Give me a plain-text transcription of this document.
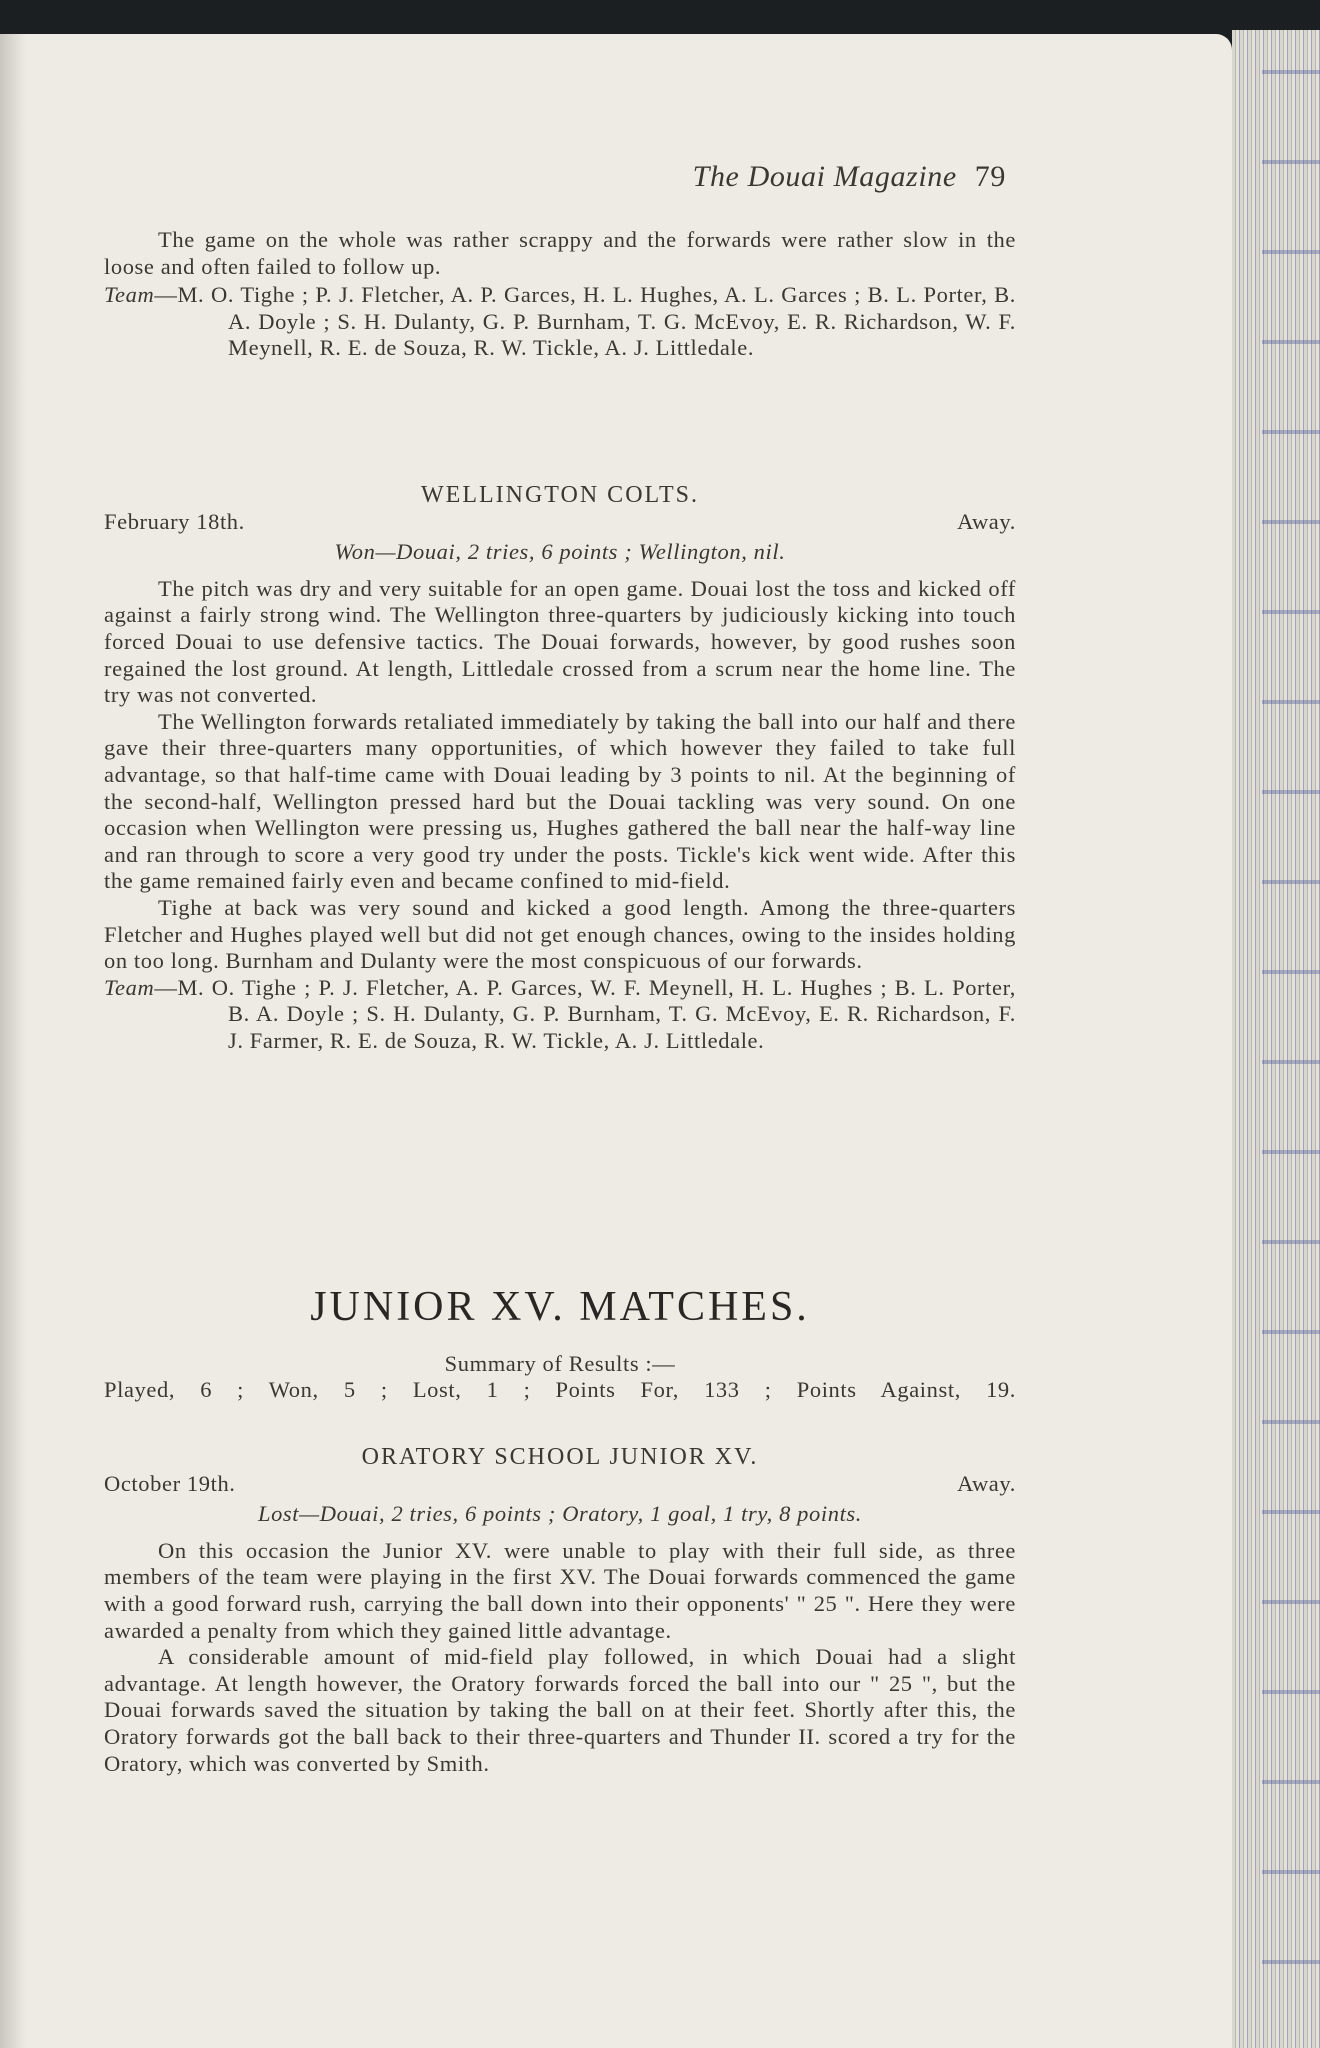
The Douai Magazine 79

The game on the whole was rather scrappy and the forwards were rather slow in the loose and often failed to follow up.

Team—M. O. Tighe ; P. J. Fletcher, A. P. Garces, H. L. Hughes, A. L. Garces ; B. L. Porter, B. A. Doyle ; S. H. Dulanty, G. P. Burnham, T. G. McEvoy, E. R. Richardson, W. F. Meynell, R. E. de Souza, R. W. Tickle, A. J. Littledale.

WELLINGTON COLTS.
February 18th.	Away.
Won—Douai, 2 tries, 6 points ; Wellington, nil.

The pitch was dry and very suitable for an open game. Douai lost the toss and kicked off against a fairly strong wind. The Wellington three-quarters by judiciously kicking into touch forced Douai to use defensive tactics. The Douai forwards, however, by good rushes soon regained the lost ground. At length, Littledale crossed from a scrum near the home line. The try was not converted.

The Wellington forwards retaliated immediately by taking the ball into our half and there gave their three-quarters many opportunities, of which however they failed to take full advantage, so that half-time came with Douai leading by 3 points to nil. At the beginning of the second-half, Wellington pressed hard but the Douai tackling was very sound. On one occasion when Wellington were pressing us, Hughes gathered the ball near the half-way line and ran through to score a very good try under the posts. Tickle's kick went wide. After this the game remained fairly even and became confined to mid-field.

Tighe at back was very sound and kicked a good length. Among the three-quarters Fletcher and Hughes played well but did not get enough chances, owing to the insides holding on too long. Burnham and Dulanty were the most conspicuous of our forwards.

Team—M. O. Tighe ; P. J. Fletcher, A. P. Garces, W. F. Meynell, H. L. Hughes ; B. L. Porter, B. A. Doyle ; S. H. Dulanty, G. P. Burnham, T. G. McEvoy, E. R. Richardson, F. J. Farmer, R. E. de Souza, R. W. Tickle, A. J. Littledale.

JUNIOR XV. MATCHES.
Summary of Results :—
Played, 6 ; Won, 5 ; Lost, 1 ; Points For, 133 ; Points Against, 19.
ORATORY SCHOOL JUNIOR XV.
October 19th.	Away.
Lost—Douai, 2 tries, 6 points ; Oratory, 1 goal, 1 try, 8 points.

On this occasion the Junior XV. were unable to play with their full side, as three members of the team were playing in the first XV. The Douai forwards commenced the game with a good forward rush, carrying the ball down into their opponents' " 25 ". Here they were awarded a penalty from which they gained little advantage.

A considerable amount of mid-field play followed, in which Douai had a slight advantage. At length however, the Oratory forwards forced the ball into our " 25 ", but the Douai forwards saved the situation by taking the ball on at their feet. Shortly after this, the Oratory forwards got the ball back to their three-quarters and Thunder II. scored a try for the Oratory, which was converted by Smith.
